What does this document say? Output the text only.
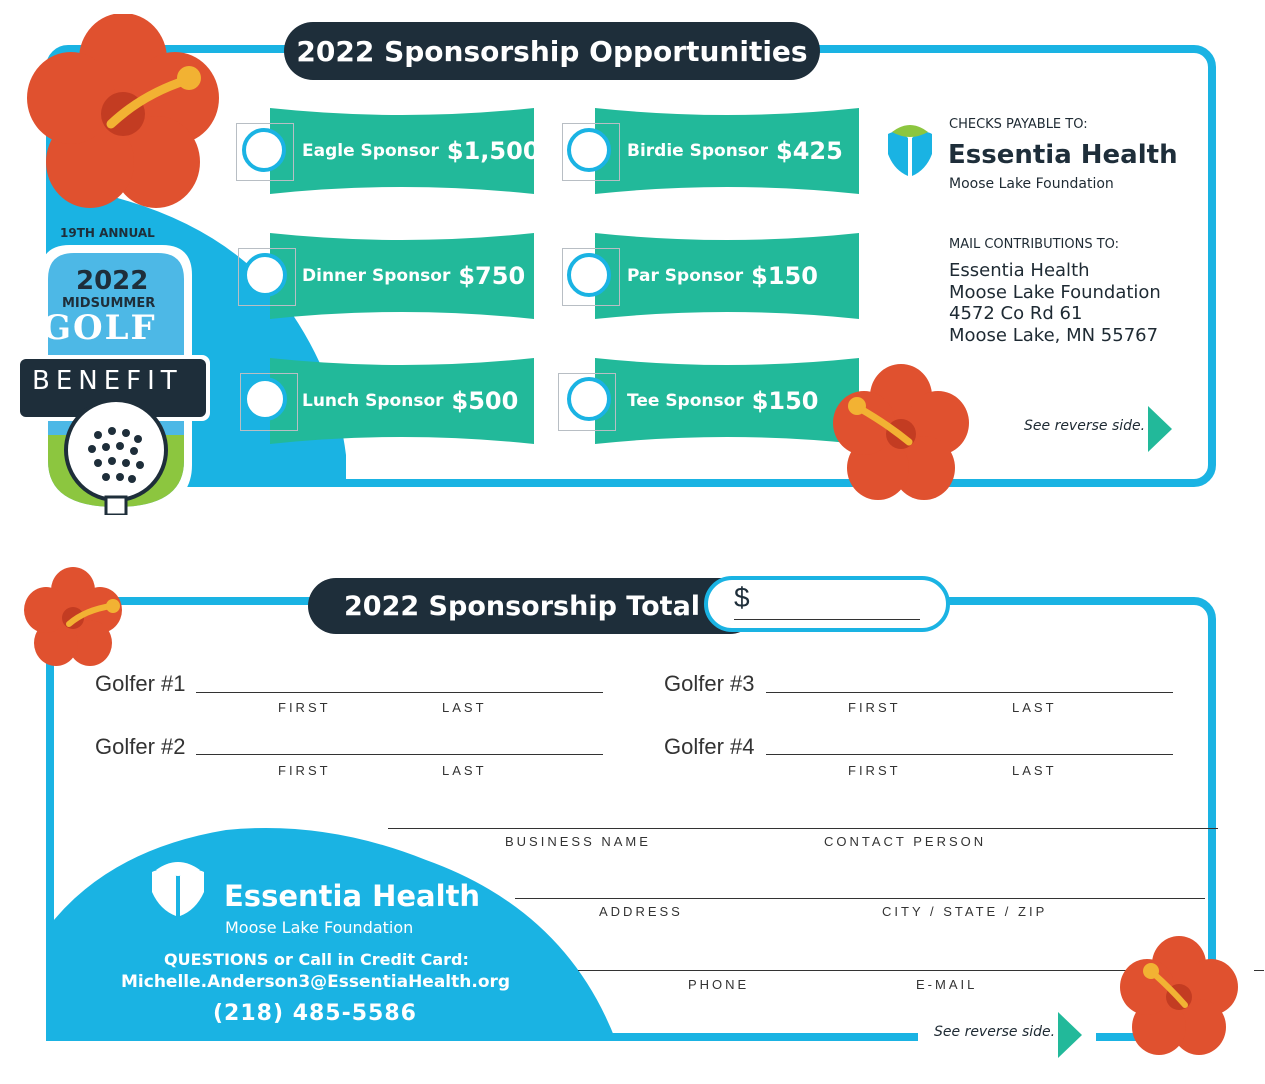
2022 Sponsorship Opportunities
19TH ANNUAL
2022
MIDSUMMER
GOLF
BENEFIT
Eagle Sponsor $1,500	Birdie Sponsor $425
Dinner Sponsor $750	Par Sponsor $150
Lunch Sponsor $500	Tee Sponsor $150
CHECKS PAYABLE TO:
Essentia Health
Moose Lake Foundation
MAIL CONTRIBUTIONS TO:
Essentia Health
Moose Lake Foundation
4572 Co Rd 61
Moose Lake, MN 55767
See reverse side.
2022 Sponsorship Total $
Golfer #1
FIRST	LAST
Golfer #2
FIRST	LAST
Golfer #3
FIRST	LAST
Golfer #4
FIRST	LAST
BUSINESS NAME	CONTACT PERSON
ADDRESS	CITY / STATE / ZIP
PHONE	E-MAIL
Essentia Health
Moose Lake Foundation
QUESTIONS or Call in Credit Card:
Michelle.Anderson3@EssentiaHealth.org
(218) 485-5586
See reverse side.
